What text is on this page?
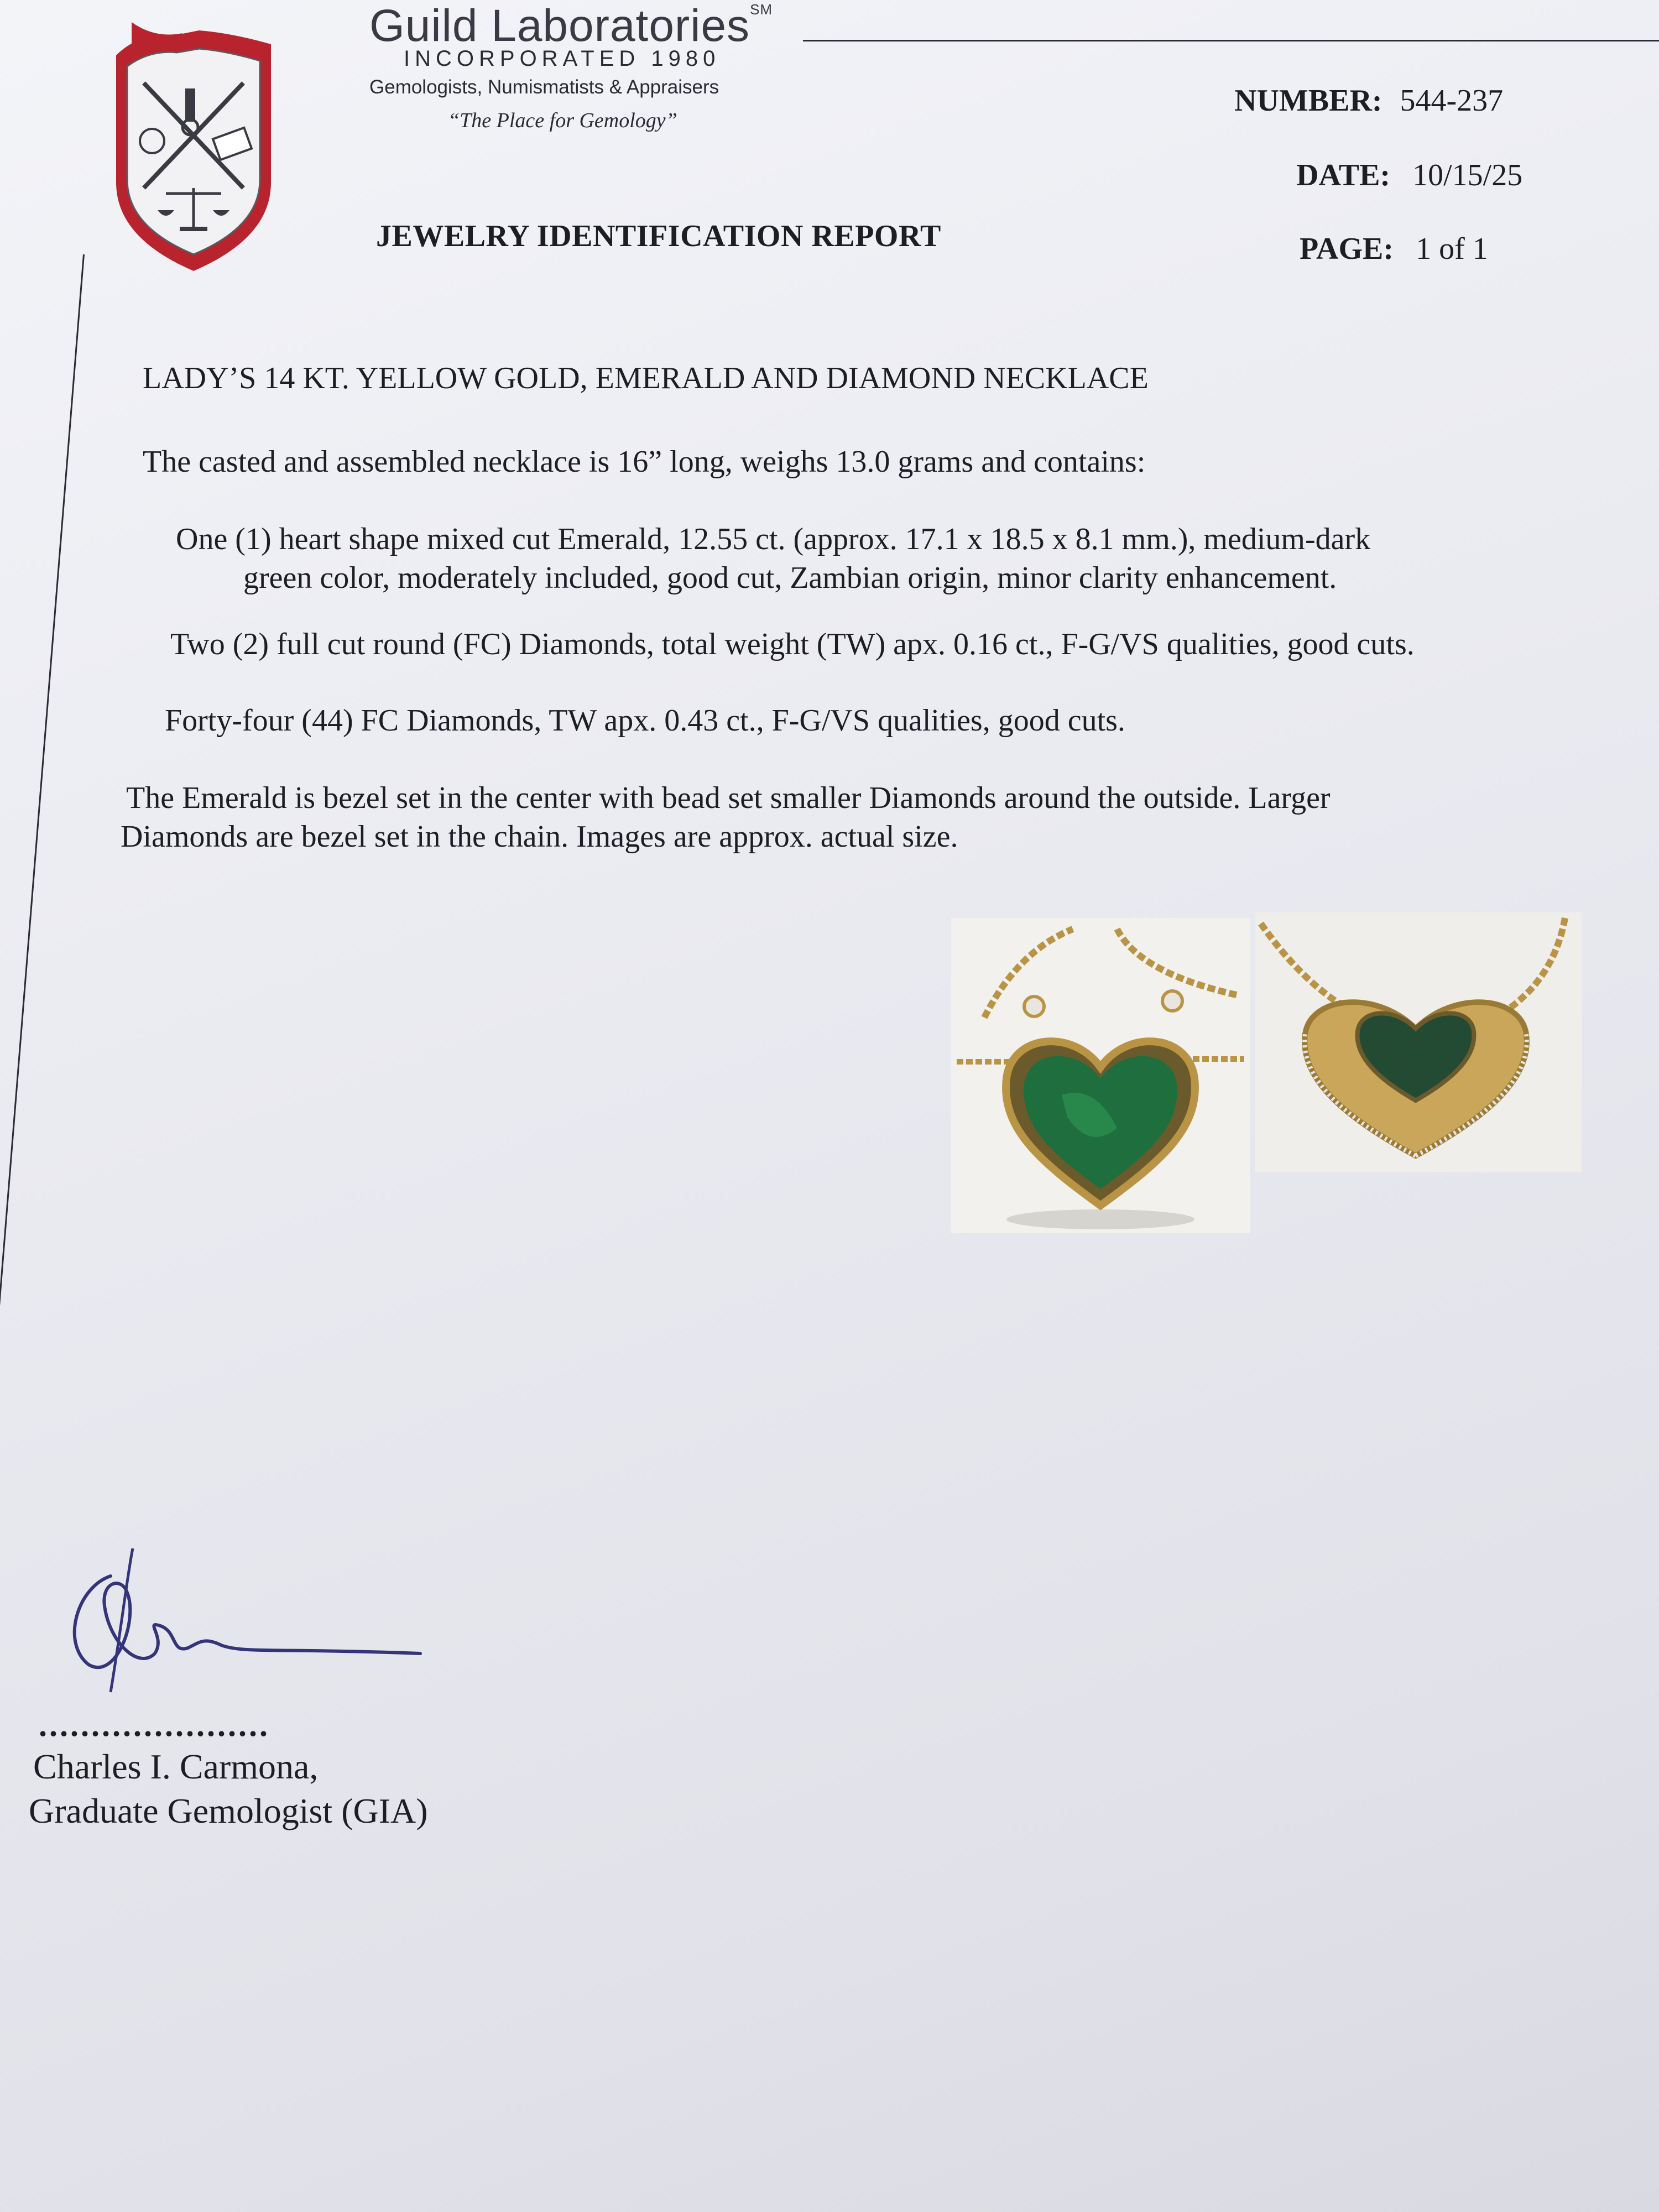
Guild Laboratories℠
INCORPORATED 1980
Gemologists, Numismatists & Appraisers
“The Place for Gemology”
JEWELRY IDENTIFICATION REPORT
NUMBER: 544-237
DATE: 10/15/25
PAGE: 1 of 1
LADY’S 14 KT. YELLOW GOLD, EMERALD AND DIAMOND NECKLACE
The casted and assembled necklace is 16” long, weighs 13.0 grams and contains:
One (1) heart shape mixed cut Emerald, 12.55 ct. (approx. 17.1 x 18.5 x 8.1 mm.), medium-dark
green color, moderately included, good cut, Zambian origin, minor clarity enhancement.
Two (2) full cut round (FC) Diamonds, total weight (TW) apx. 0.16 ct., F-G/VS qualities, good cuts.
Forty-four (44) FC Diamonds, TW apx. 0.43 ct., F-G/VS qualities, good cuts.
The Emerald is bezel set in the center with bead set smaller Diamonds around the outside. Larger
Diamonds are bezel set in the chain. Images are approx. actual size.
......................
Charles I. Carmona,
Graduate Gemologist (GIA)
